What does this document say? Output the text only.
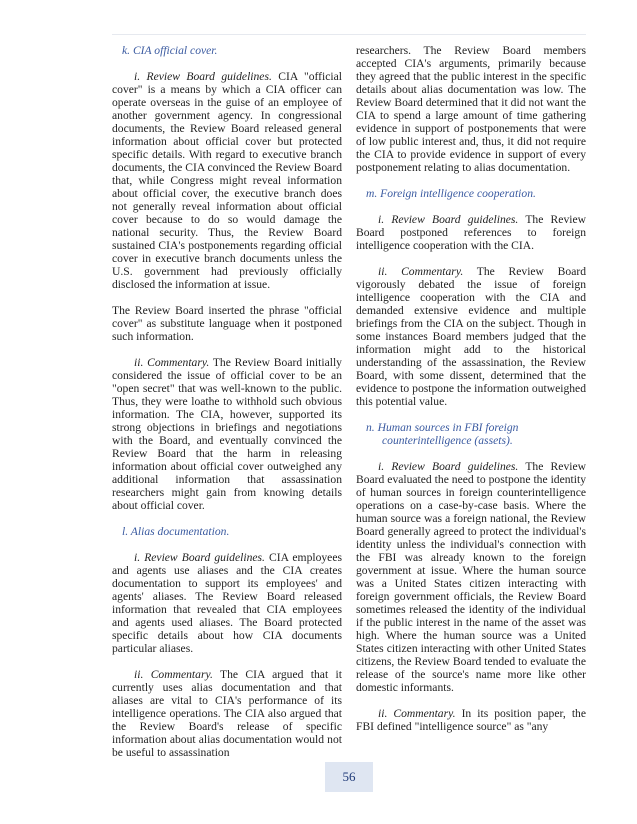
k. CIA official cover.

i. Review Board guidelines. CIA "official cover" is a means by which a CIA officer can operate overseas in the guise of an employee of another government agency. In congressional documents, the Review Board released general information about official cover but protected specific details. With regard to executive branch documents, the CIA convinced the Review Board that, while Congress might reveal information about official cover, the executive branch does not generally reveal information about official cover because to do so would damage the national security. Thus, the Review Board sustained CIA's postponements regarding official cover in executive branch documents unless the U.S. government had previously officially disclosed the information at issue.

The Review Board inserted the phrase "official cover" as substitute language when it postponed such information.

ii. Commentary. The Review Board initially considered the issue of official cover to be an "open secret" that was well-known to the public. Thus, they were loathe to withhold such obvious information. The CIA, however, supported its strong objections in briefings and negotiations with the Board, and eventually convinced the Review Board that the harm in releasing information about official cover outweighed any additional information that assassination researchers might gain from knowing details about official cover.

l. Alias documentation.

i. Review Board guidelines. CIA employees and agents use aliases and the CIA creates documentation to support its employees' and agents' aliases. The Review Board released information that revealed that CIA employees and agents used aliases. The Board protected specific details about how CIA documents particular aliases.

ii. Commentary. The CIA argued that it currently uses alias documentation and that aliases are vital to CIA's performance of its intelligence operations. The CIA also argued that the Review Board's release of specific information about alias documentation would not be useful to assassination

researchers. The Review Board members accepted CIA's arguments, primarily because they agreed that the public interest in the specific details about alias documentation was low. The Review Board determined that it did not want the CIA to spend a large amount of time gathering evidence in support of postponements that were of low public interest and, thus, it did not require the CIA to provide evidence in support of every postponement relating to alias documentation.

m. Foreign intelligence cooperation.

i. Review Board guidelines. The Review Board postponed references to foreign intelligence cooperation with the CIA.

ii. Commentary. The Review Board vigorously debated the issue of foreign intelligence cooperation with the CIA and demanded extensive evidence and multiple briefings from the CIA on the subject. Though in some instances Board members judged that the information might add to the historical understanding of the assassination, the Review Board, with some dissent, determined that the evidence to postpone the information outweighed this potential value.

n. Human sources in FBI foreign counterintelligence (assets).

i. Review Board guidelines. The Review Board evaluated the need to postpone the identity of human sources in foreign counterintelligence operations on a case-by-case basis. Where the human source was a foreign national, the Review Board generally agreed to protect the individual's identity unless the individual's connection with the FBI was already known to the foreign government at issue. Where the human source was a United States citizen interacting with foreign government officials, the Review Board sometimes released the identity of the individual if the public interest in the name of the asset was high. Where the human source was a United States citizen interacting with other United States citizens, the Review Board tended to evaluate the release of the source's name more like other domestic informants.

ii. Commentary. In its position paper, the FBI defined "intelligence source" as "any

56
